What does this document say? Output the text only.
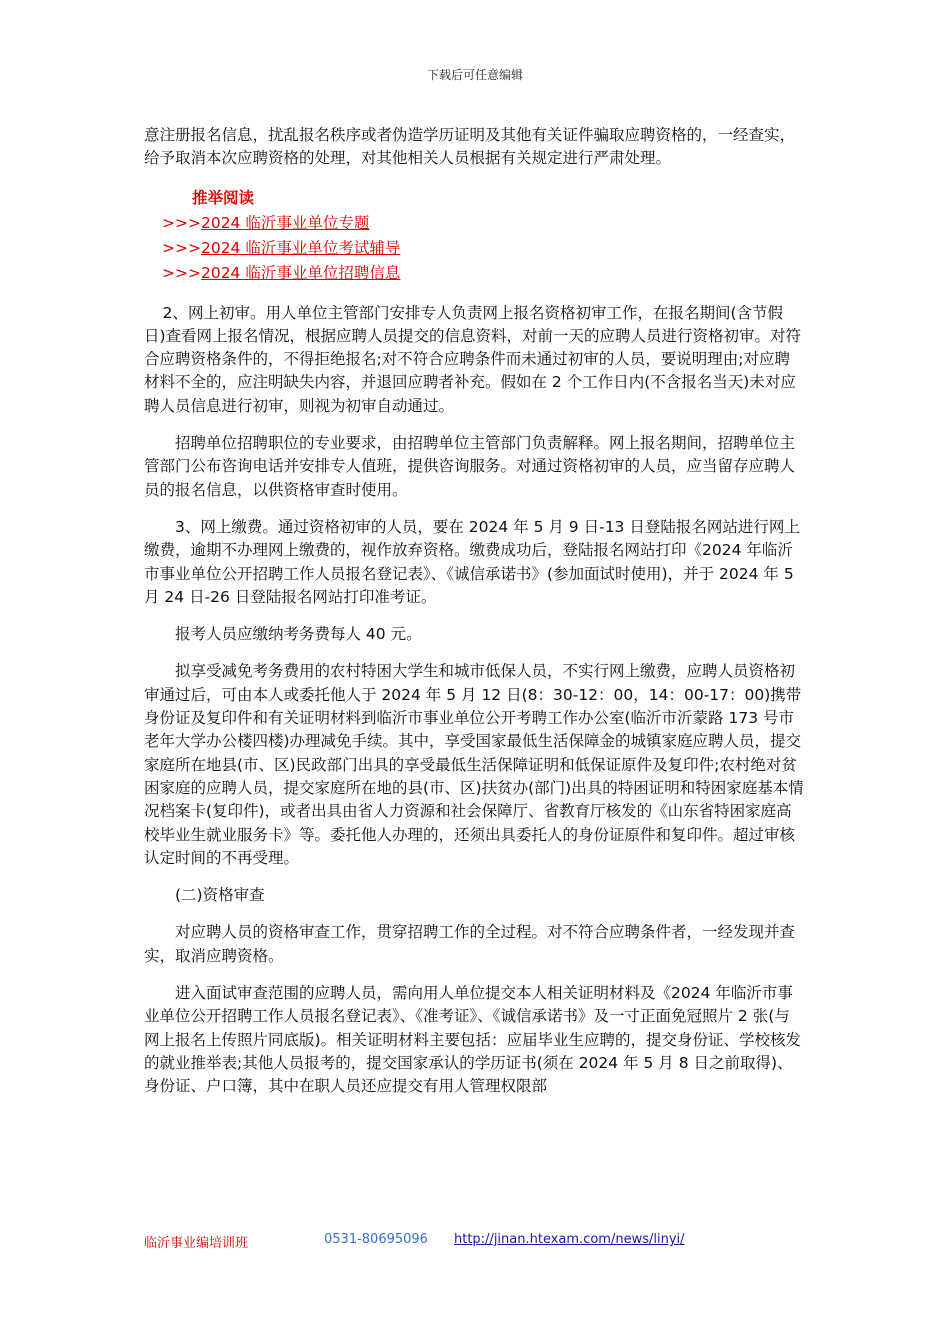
下载后可任意编辑

意注册报名信息，扰乱报名秩序或者伪造学历证明及其他有关证件骗取应聘资格的，一经查实，给予取消本次应聘资格的处理，对其他相关人员根据有关规定进行严肃处理。

推举阅读
>>>2024 临沂事业单位专题
>>>2024 临沂事业单位考试辅导
>>>2024 临沂事业单位招聘信息

2、网上初审。用人单位主管部门安排专人负责网上报名资格初审工作，在报名期间(含节假日)查看网上报名情况，根据应聘人员提交的信息资料，对前一天的应聘人员进行资格初审。对符合应聘资格条件的，不得拒绝报名;对不符合应聘条件而未通过初审的人员，要说明理由;对应聘材料不全的，应注明缺失内容，并退回应聘者补充。假如在 2 个工作日内(不含报名当天)未对应聘人员信息进行初审，则视为初审自动通过。

招聘单位招聘职位的专业要求，由招聘单位主管部门负责解释。网上报名期间，招聘单位主管部门公布咨询电话并安排专人值班，提供咨询服务。对通过资格初审的人员，应当留存应聘人员的报名信息，以供资格审查时使用。

3、网上缴费。通过资格初审的人员，要在 2024 年 5 月 9 日-13 日登陆报名网站进行网上缴费，逾期不办理网上缴费的，视作放弃资格。缴费成功后，登陆报名网站打印《2024 年临沂市事业单位公开招聘工作人员报名登记表》、《诚信承诺书》(参加面试时使用)，并于 2024 年 5 月 24 日-26 日登陆报名网站打印准考证。

报考人员应缴纳考务费每人 40 元。

拟享受减免考务费用的农村特困大学生和城市低保人员，不实行网上缴费，应聘人员资格初审通过后，可由本人或委托他人于 2024 年 5 月 12 日(8：30-12：00，14：00-17：00)携带身份证及复印件和有关证明材料到临沂市事业单位公开考聘工作办公室(临沂市沂蒙路 173 号市老年大学办公楼四楼)办理减免手续。其中，享受国家最低生活保障金的城镇家庭应聘人员，提交家庭所在地县(市、区)民政部门出具的享受最低生活保障证明和低保证原件及复印件;农村绝对贫困家庭的应聘人员，提交家庭所在地的县(市、区)扶贫办(部门)出具的特困证明和特困家庭基本情况档案卡(复印件)，或者出具由省人力资源和社会保障厅、省教育厅核发的《山东省特困家庭高校毕业生就业服务卡》等。委托他人办理的，还须出具委托人的身份证原件和复印件。超过审核认定时间的不再受理。

(二)资格审查

对应聘人员的资格审查工作，贯穿招聘工作的全过程。对不符合应聘条件者，一经发现并查实，取消应聘资格。

进入面试审查范围的应聘人员，需向用人单位提交本人相关证明材料及《2024 年临沂市事业单位公开招聘工作人员报名登记表》、《准考证》、《诚信承诺书》及一寸正面免冠照片 2 张(与网上报名上传照片同底版)。相关证明材料主要包括：应届毕业生应聘的，提交身份证、学校核发的就业推举表;其他人员报考的，提交国家承认的学历证书(须在 2024 年 5 月 8 日之前取得)、身份证、户口簿，其中在职人员还应提交有用人管理权限部

临沂事业编培训班	0531-80695096 http://jinan.htexam.com/news/linyi/
